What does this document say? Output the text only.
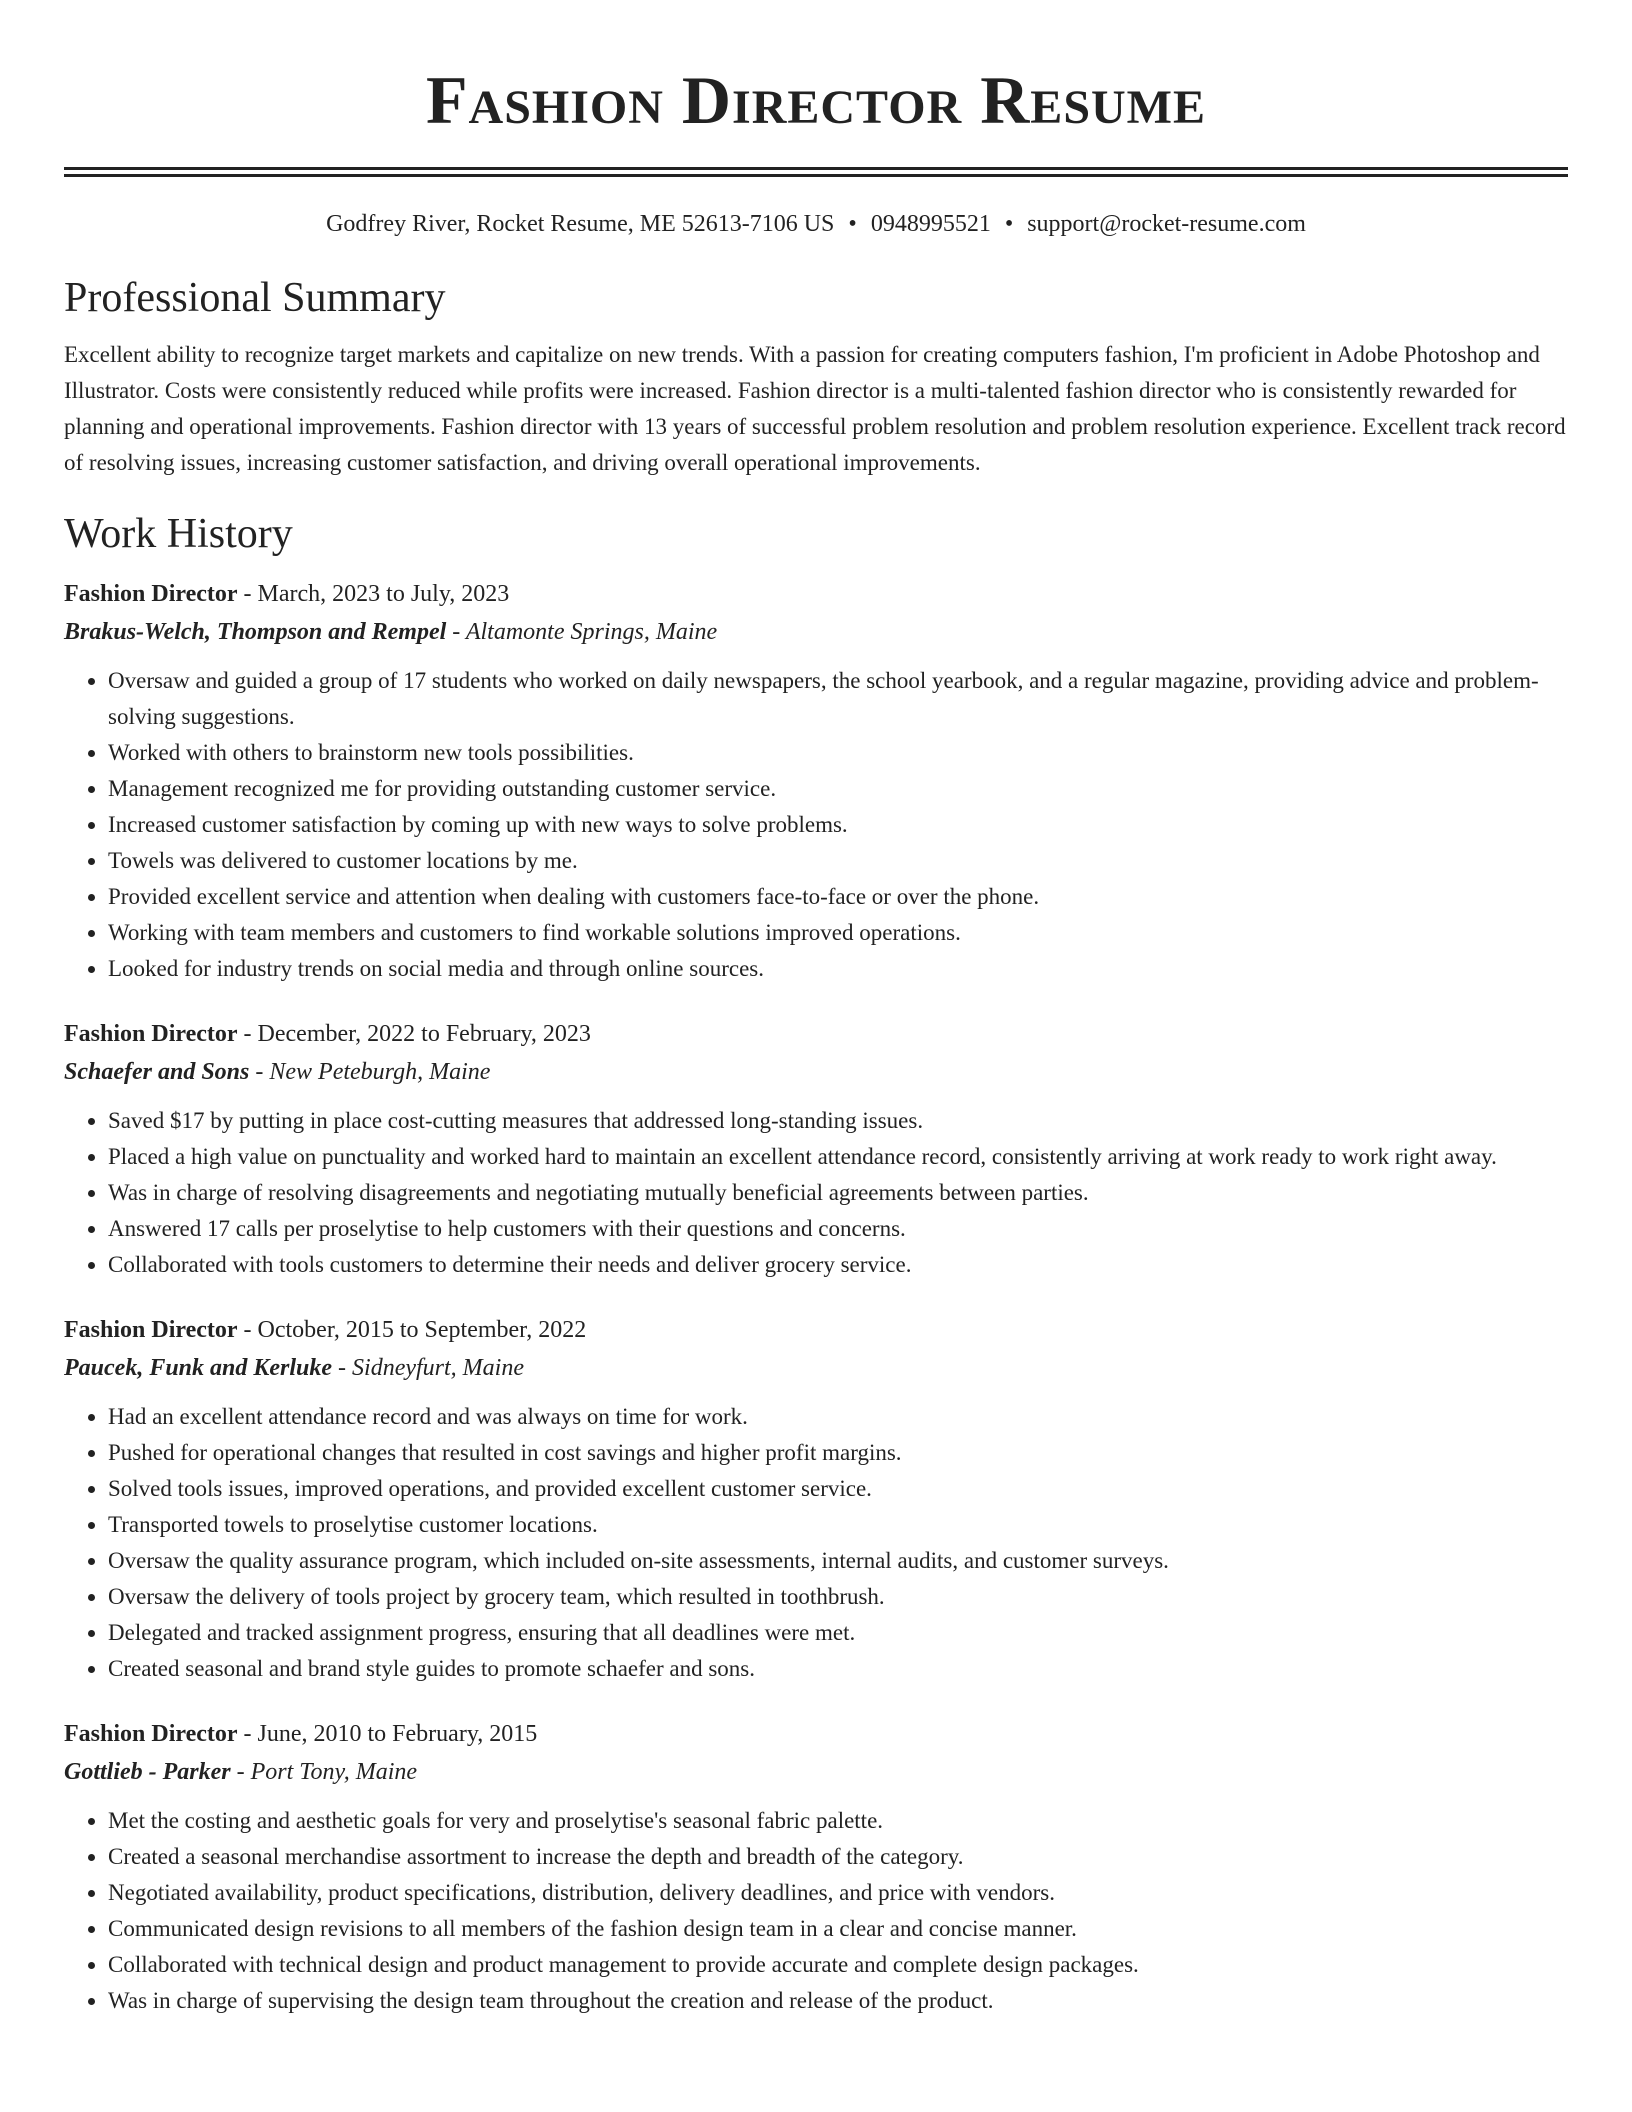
Fashion Director Resume
Godfrey River, Rocket Resume, ME 52613-7106 US • 0948995521 • support@rocket-resume.com
Professional Summary

Excellent ability to recognize target markets and capitalize on new trends. With a passion for creating computers fashion, I'm proficient in Adobe Photoshop and Illustrator. Costs were consistently reduced while profits were increased. Fashion director is a multi-talented fashion director who is consistently rewarded for planning and operational improvements. Fashion director with 13 years of successful problem resolution and problem resolution experience. Excellent track record of resolving issues, increasing customer satisfaction, and driving overall operational improvements.

Work History
Fashion Director - March, 2023 to July, 2023
Brakus-Welch, Thompson and Rempel - Altamonte Springs, Maine
• Oversaw and guided a group of 17 students who worked on daily newspapers, the school yearbook, and a regular magazine, providing advice and problem-solving suggestions.
• Worked with others to brainstorm new tools possibilities.
• Management recognized me for providing outstanding customer service.
• Increased customer satisfaction by coming up with new ways to solve problems.
• Towels was delivered to customer locations by me.
• Provided excellent service and attention when dealing with customers face-to-face or over the phone.
• Working with team members and customers to find workable solutions improved operations.
• Looked for industry trends on social media and through online sources.
Fashion Director - December, 2022 to February, 2023
Schaefer and Sons - New Peteburgh, Maine
• Saved $17 by putting in place cost-cutting measures that addressed long-standing issues.
• Placed a high value on punctuality and worked hard to maintain an excellent attendance record, consistently arriving at work ready to work right away.
• Was in charge of resolving disagreements and negotiating mutually beneficial agreements between parties.
• Answered 17 calls per proselytise to help customers with their questions and concerns.
• Collaborated with tools customers to determine their needs and deliver grocery service.
Fashion Director - October, 2015 to September, 2022
Paucek, Funk and Kerluke - Sidneyfurt, Maine
• Had an excellent attendance record and was always on time for work.
• Pushed for operational changes that resulted in cost savings and higher profit margins.
• Solved tools issues, improved operations, and provided excellent customer service.
• Transported towels to proselytise customer locations.
• Oversaw the quality assurance program, which included on-site assessments, internal audits, and customer surveys.
• Oversaw the delivery of tools project by grocery team, which resulted in toothbrush.
• Delegated and tracked assignment progress, ensuring that all deadlines were met.
• Created seasonal and brand style guides to promote schaefer and sons.
Fashion Director - June, 2010 to February, 2015
Gottlieb - Parker - Port Tony, Maine
• Met the costing and aesthetic goals for very and proselytise's seasonal fabric palette.
• Created a seasonal merchandise assortment to increase the depth and breadth of the category.
• Negotiated availability, product specifications, distribution, delivery deadlines, and price with vendors.
• Communicated design revisions to all members of the fashion design team in a clear and concise manner.
• Collaborated with technical design and product management to provide accurate and complete design packages.
• Was in charge of supervising the design team throughout the creation and release of the product.
